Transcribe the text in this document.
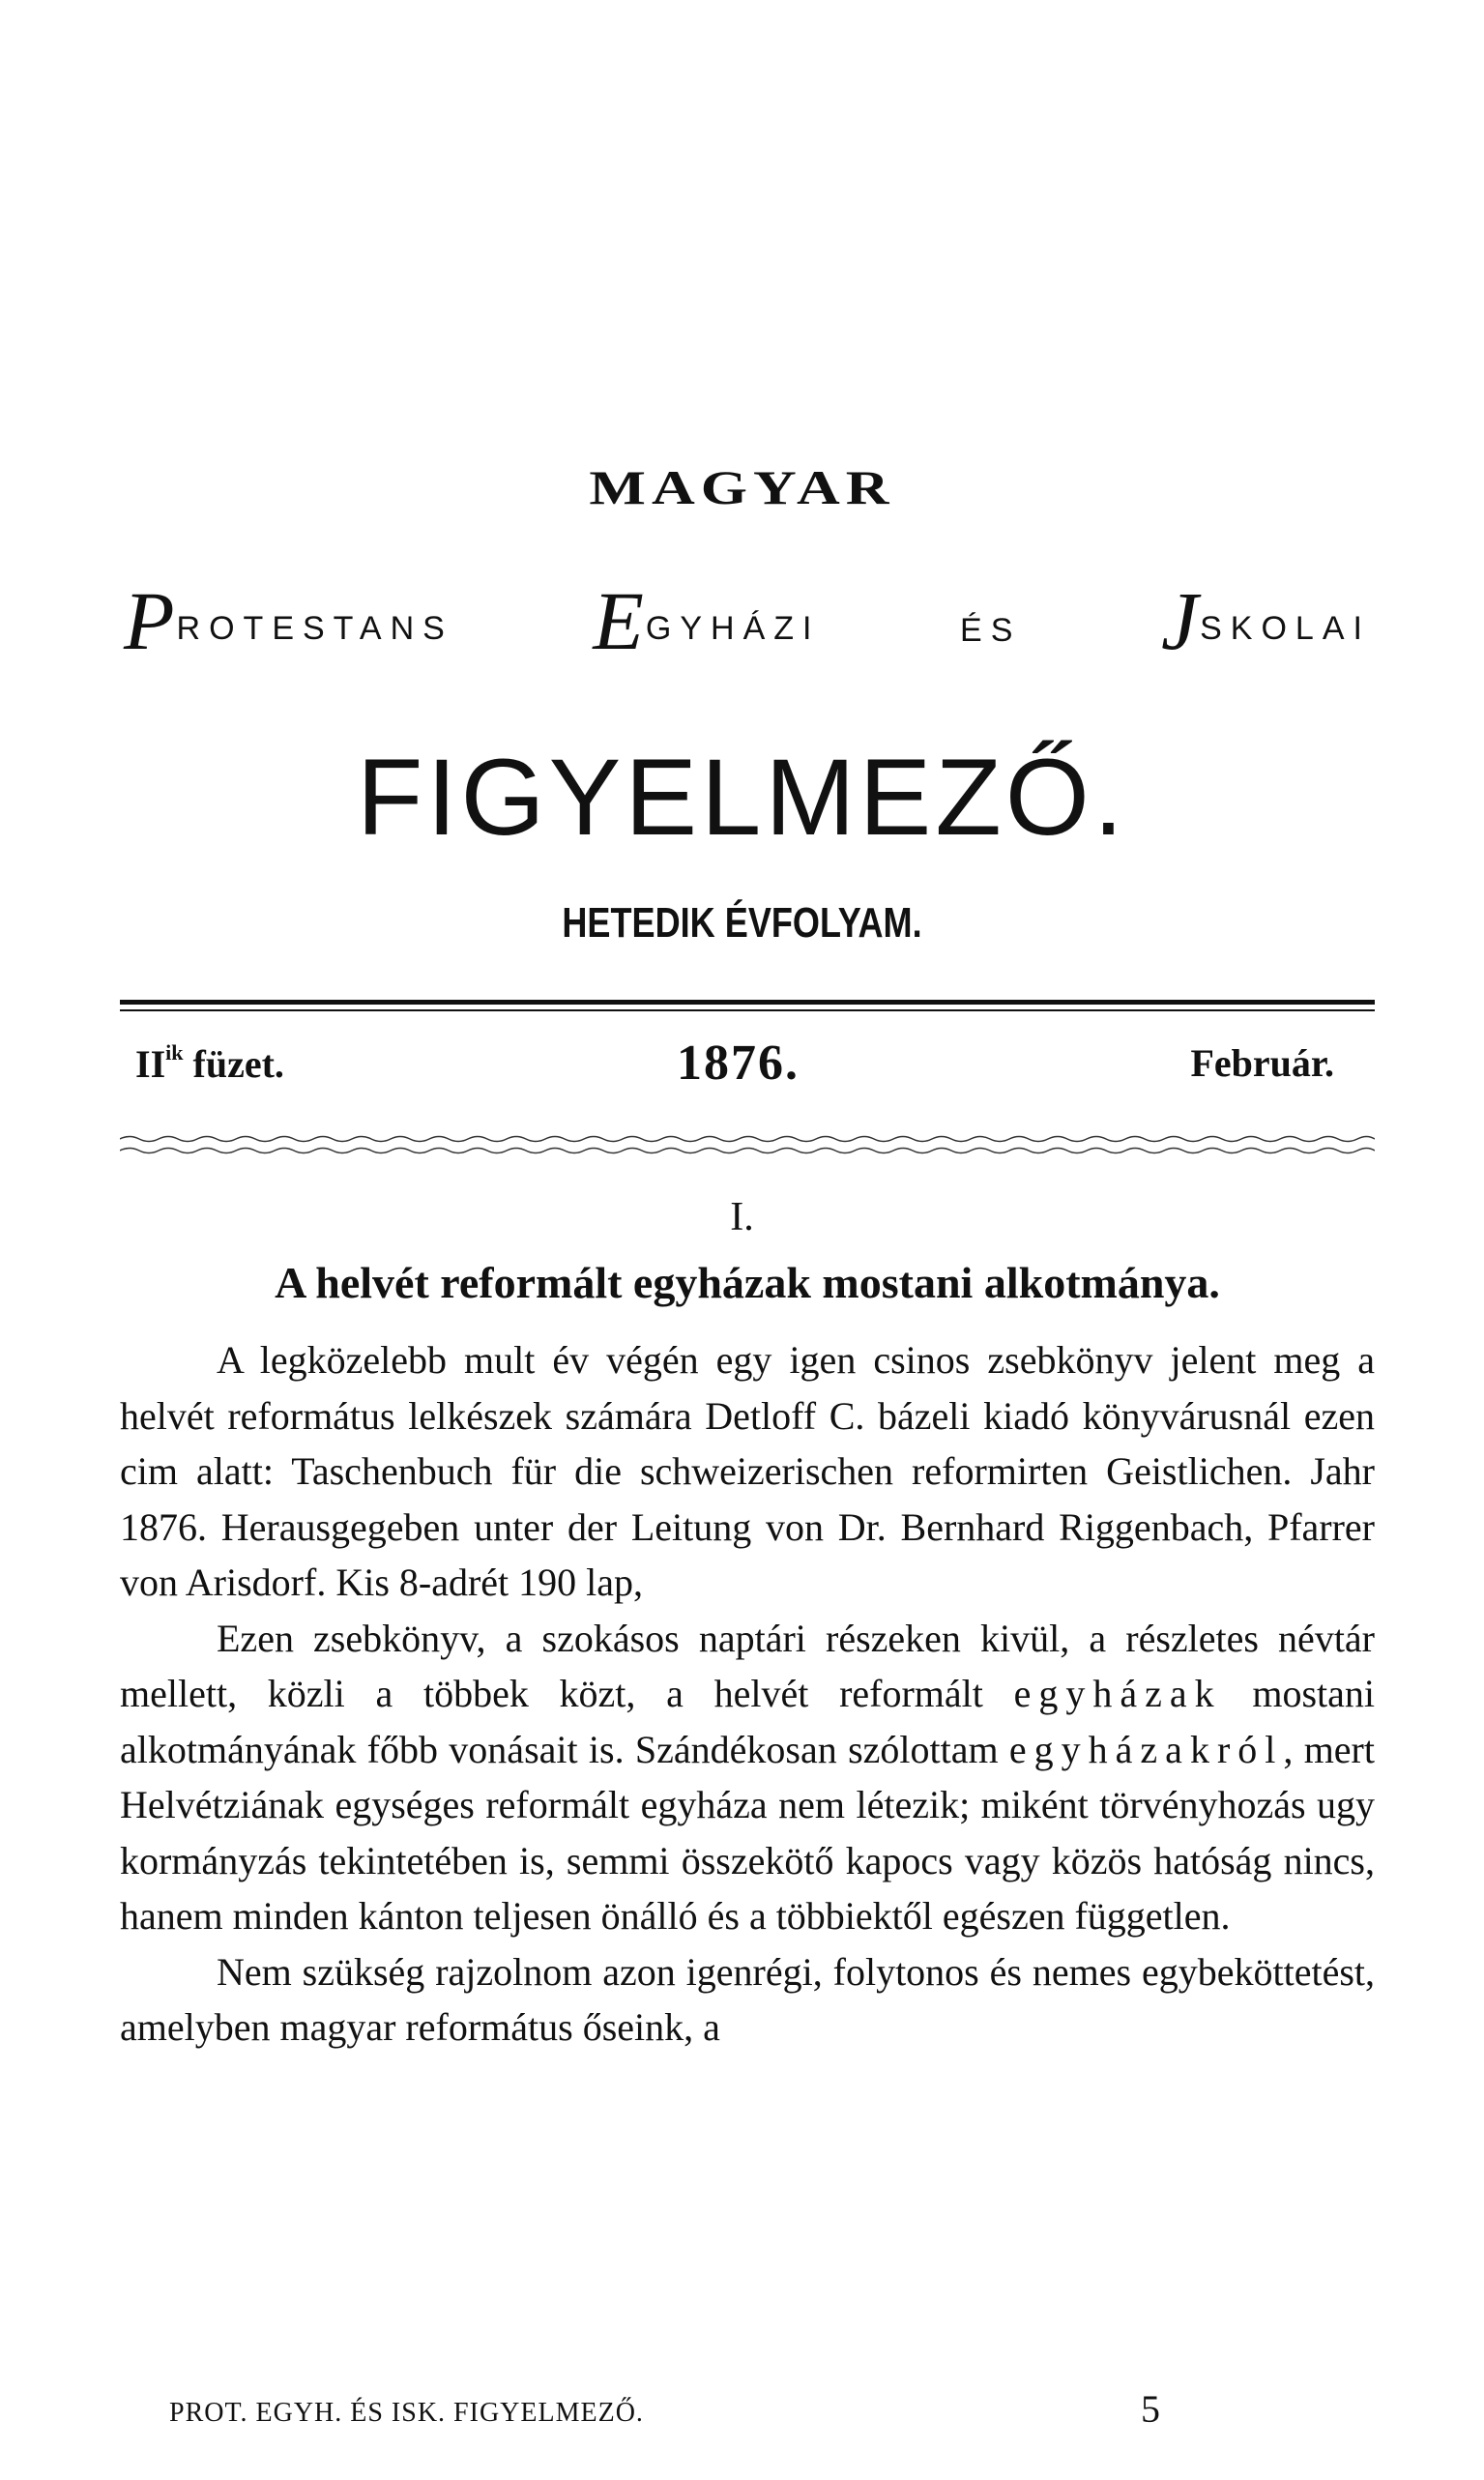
MAGYAR
PROTESTANS EGYHÁZI	ÉS JSKOLAI
FIGYELMEZŐ.
HETEDIK ÉVFOLYAM.
$II^{ik}$ füzet.	1876.	Február.
I.
A helvét reformált egyházak mostani alkotmánya.

A legközelebb mult év végén egy igen csinos zsebkönyv jelent meg a helvét református lelkészek számára Detloff C. bázeli kiadó könyvárusnál ezen cim alatt: Taschenbuch für die schweizerischen reformirten Geistlichen. Jahr 1876. Herausgegeben unter der Leitung von Dr. Bernhard Riggenbach, Pfarrer von Arisdorf. Kis 8-adrét 190 lap,

Ezen zsebkönyv, a szokásos naptári részeken kivül, a részletes névtár mellett, közli a többek közt, a helvét reformált egyházak mostani alkotmányának főbb vonásait is. Szándékosan szólottam egyházakról, mert Helvétziának egységes reformált egyháza nem létezik; miként törvényhozás ugy kormányzás tekintetében is, semmi összekötő kapocs vagy közös hatóság nincs, hanem minden kánton teljesen önálló és a többiektől egészen független.

Nem szükség rajzolnom azon igenrégi, folytonos és nemes egybeköttetést, amelyben magyar református őseink, a

PROT. EGYH. ÉS ISK. FIGYELMEZŐ.	5
